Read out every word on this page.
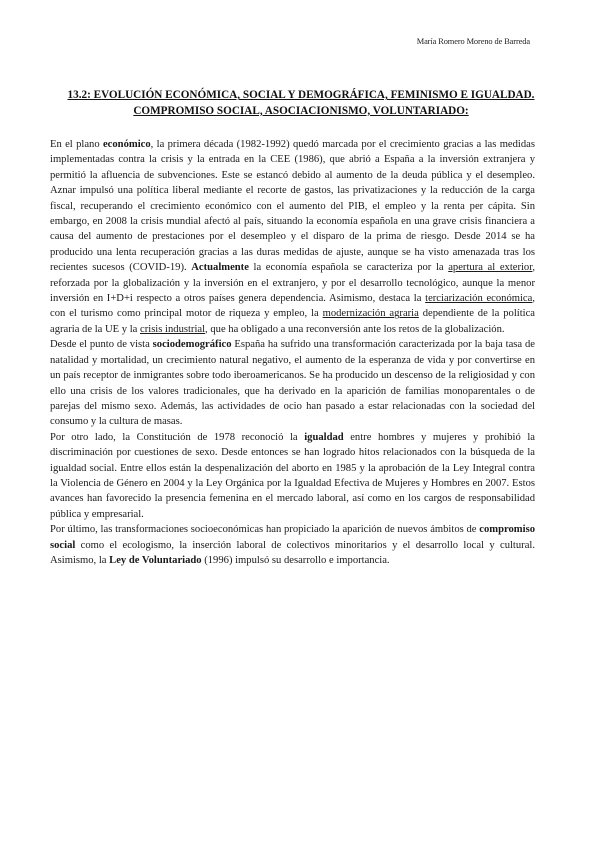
María Romero Moreno de Barreda
13.2: EVOLUCIÓN ECONÓMICA, SOCIAL Y DEMOGRÁFICA, FEMINISMO E IGUALDAD. COMPROMISO SOCIAL, ASOCIACIONISMO, VOLUNTARIADO:

En el plano económico, la primera década (1982-1992) quedó marcada por el crecimiento gracias a las medidas implementadas contra la crisis y la entrada en la CEE (1986), que abrió a España a la inversión extranjera y permitió la afluencia de subvenciones. Este se estancó debido al aumento de la deuda pública y el desempleo. Aznar impulsó una política liberal mediante el recorte de gastos, las privatizaciones y la reducción de la carga fiscal, recuperando el crecimiento económico con el aumento del PIB, el empleo y la renta per cápita. Sin embargo, en 2008 la crisis mundial afectó al país, situando la economía española en una grave crisis financiera a causa del aumento de prestaciones por el desempleo y el disparo de la prima de riesgo. Desde 2014 se ha producido una lenta recuperación gracias a las duras medidas de ajuste, aunque se ha visto amenazada tras los recientes sucesos (COVID-19). Actualmente la economía española se caracteriza por la apertura al exterior, reforzada por la globalización y la inversión en el extranjero, y por el desarrollo tecnológico, aunque la menor inversión en I+D+i respecto a otros países genera dependencia. Asimismo, destaca la terciarización económica, con el turismo como principal motor de riqueza y empleo, la modernización agraria dependiente de la política agraria de la UE y la crisis industrial, que ha obligado a una reconversión ante los retos de la globalización.

Desde el punto de vista sociodemográfico España ha sufrido una transformación caracterizada por la baja tasa de natalidad y mortalidad, un crecimiento natural negativo, el aumento de la esperanza de vida y por convertirse en un país receptor de inmigrantes sobre todo iberoamericanos. Se ha producido un descenso de la religiosidad y con ello una crisis de los valores tradicionales, que ha derivado en la aparición de familias monoparentales o de parejas del mismo sexo. Además, las actividades de ocio han pasado a estar relacionadas con la sociedad del consumo y la cultura de masas.

Por otro lado, la Constitución de 1978 reconoció la igualdad entre hombres y mujeres y prohibió la discriminación por cuestiones de sexo. Desde entonces se han logrado hitos relacionados con la búsqueda de la igualdad social. Entre ellos están la despenalización del aborto en 1985 y la aprobación de la Ley Integral contra la Violencia de Género en 2004 y la Ley Orgánica por la Igualdad Efectiva de Mujeres y Hombres en 2007. Estos avances han favorecido la presencia femenina en el mercado laboral, así como en los cargos de responsabilidad pública y empresarial.

Por último, las transformaciones socioeconómicas han propiciado la aparición de nuevos ámbitos de compromiso social como el ecologismo, la inserción laboral de colectivos minoritarios y el desarrollo local y cultural. Asimismo, la Ley de Voluntariado (1996) impulsó su desarrollo e importancia.
